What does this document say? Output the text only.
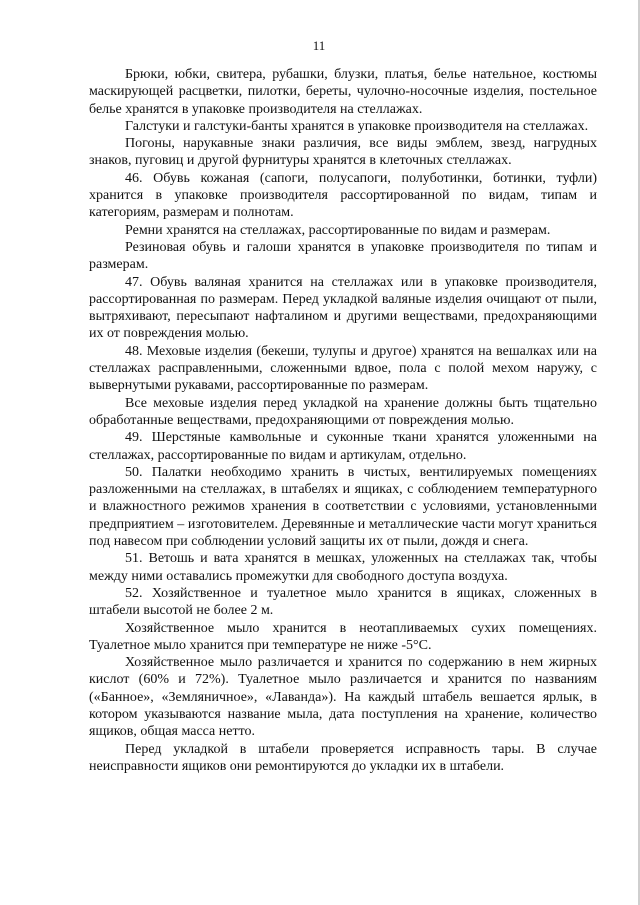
11

Брюки, юбки, свитера, рубашки, блузки, платья, белье нательное, костюмы маскирующей расцветки, пилотки, береты, чулочно-носочные изделия, постельное белье хранятся в упаковке производителя на стеллажах.

Галстуки и галстуки-банты хранятся в упаковке производителя на стеллажах.

Погоны, нарукавные знаки различия, все виды эмблем, звезд, нагрудных знаков, пуговиц и другой фурнитуры хранятся в клеточных стеллажах.

46. Обувь кожаная (сапоги, полусапоги, полуботинки, ботинки, туфли) хранится в упаковке производителя рассортированной по видам, типам и категориям, размерам и полнотам.

Ремни хранятся на стеллажах, рассортированные по видам и размерам.

Резиновая обувь и галоши хранятся в упаковке производителя по типам и размерам.

47. Обувь валяная хранится на стеллажах или в упаковке производителя, рассортированная по размерам. Перед укладкой валяные изделия очищают от пыли, вытряхивают, пересыпают нафталином и другими веществами, предохраняющими их от повреждения молью.

48. Меховые изделия (бекеши, тулупы и другое) хранятся на вешалках или на стеллажах расправленными, сложенными вдвое, пола с полой мехом наружу, с вывернутыми рукавами, рассортированные по размерам.

Все меховые изделия перед укладкой на хранение должны быть тщательно обработанные веществами, предохраняющими от повреждения молью.

49. Шерстяные камвольные и суконные ткани хранятся уложенными на стеллажах, рассортированные по видам и артикулам, отдельно.

50. Палатки необходимо хранить в чистых, вентилируемых помещениях разложенными на стеллажах, в штабелях и ящиках, с соблюдением температурного и влажностного режимов хранения в соответствии с условиями, установленными предприятием – изготовителем. Деревянные и металлические части могут храниться под навесом при соблюдении условий защиты их от пыли, дождя и снега.

51. Ветошь и вата хранятся в мешках, уложенных на стеллажах так, чтобы между ними оставались промежутки для свободного доступа воздуха.

52. Хозяйственное и туалетное мыло хранится в ящиках, сложенных в штабели высотой не более 2 м.

Хозяйственное мыло хранится в неотапливаемых сухих помещениях. Туалетное мыло хранится при температуре не ниже -5°С.

Хозяйственное мыло различается и хранится по содержанию в нем жирных кислот (60% и 72%). Туалетное мыло различается и хранится по названиям («Банное», «Земляничное», «Лаванда»). На каждый штабель вешается ярлык, в котором указываются название мыла, дата поступления на хранение, количество ящиков, общая масса нетто.

Перед укладкой в штабели проверяется исправность тары. В случае неисправности ящиков они ремонтируются до укладки их в штабели.
